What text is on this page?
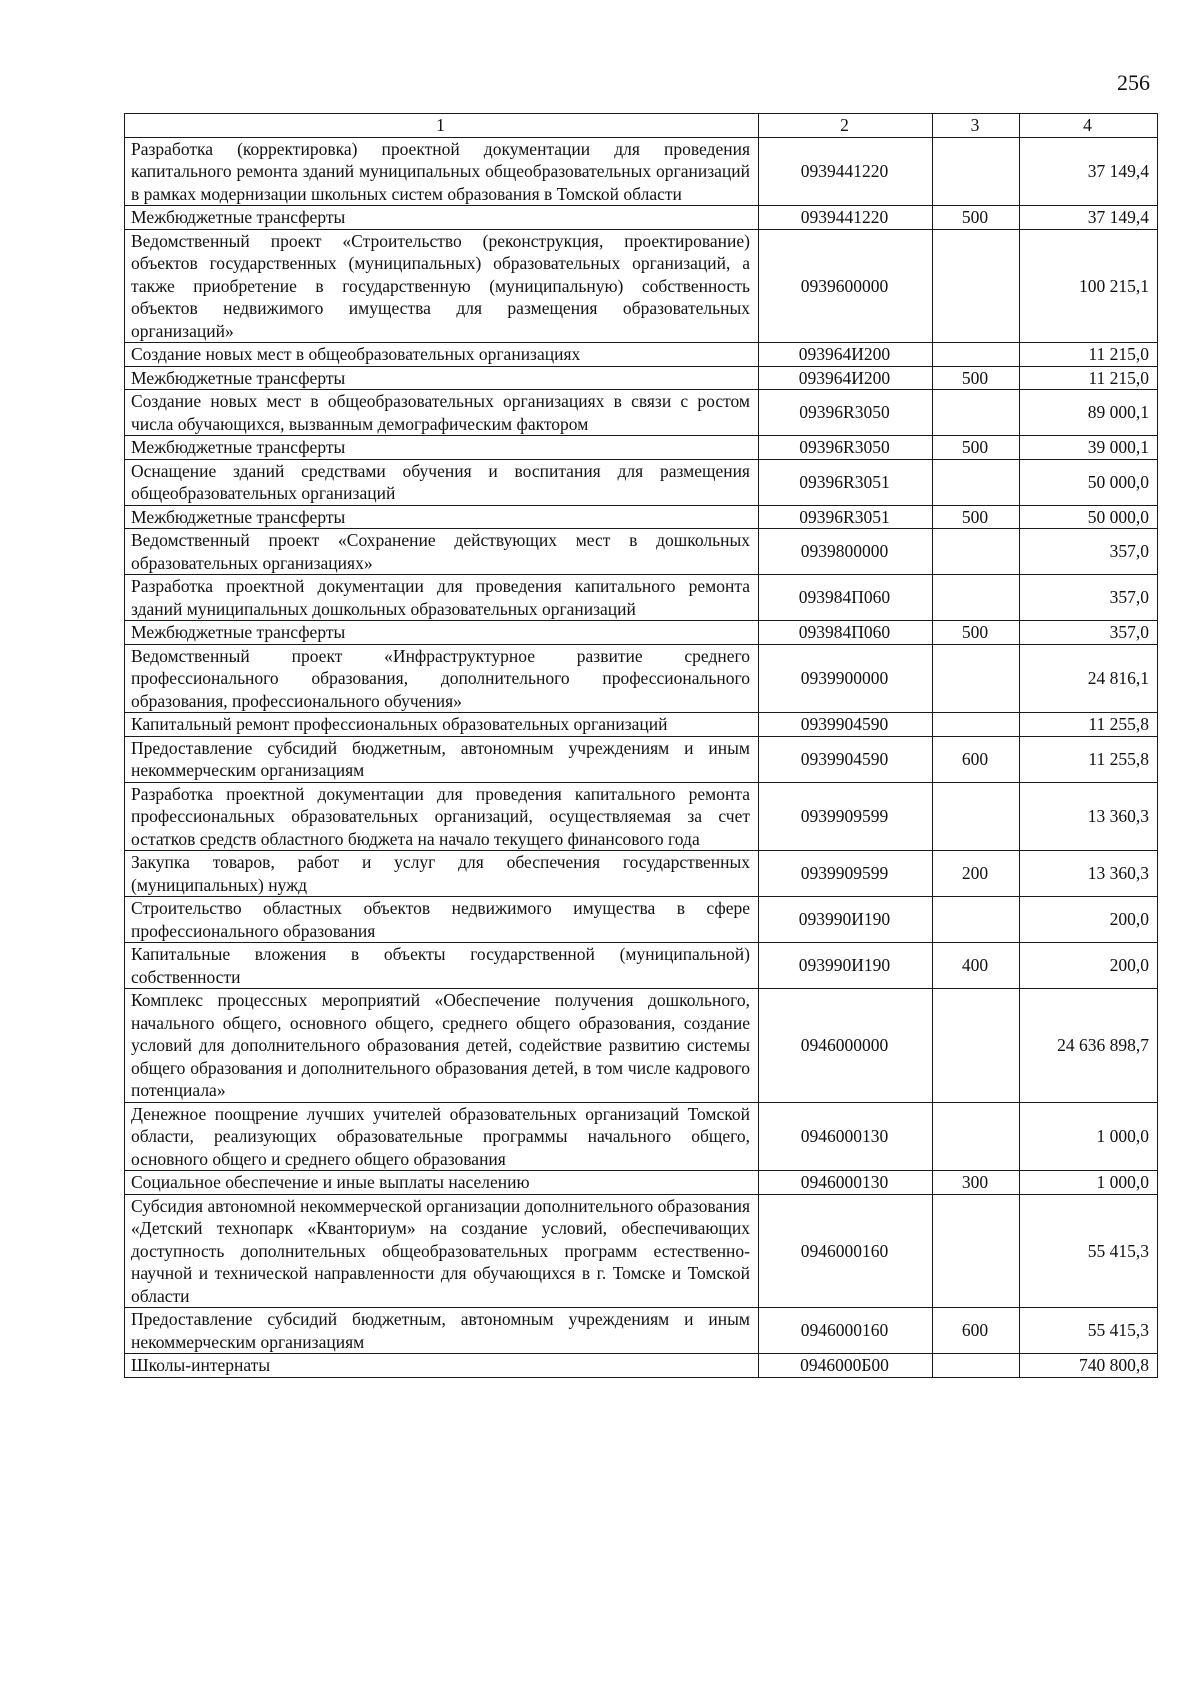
256
1	2	3	4
Разработка (корректировка) проектной документации для проведения капитального ремонта зданий муниципальных общеобразовательных организаций в рамках модернизации школьных систем образования в Томской области	0939441220		37 149,4
Межбюджетные трансферты	0939441220	500	37 149,4
Ведомственный проект «Строительство (реконструкция, проектирование) объектов государственных (муниципальных) образовательных организаций, а также приобретение в государственную (муниципальную) собственность объектов недвижимого имущества для размещения образовательных организаций»	0939600000		100 215,1
Создание новых мест в общеобразовательных организациях	093964И200		11 215,0
Межбюджетные трансферты	093964И200	500	11 215,0
Создание новых мест в общеобразовательных организациях в связи с ростом числа обучающихся, вызванным демографическим фактором	09396R3050		89 000,1
Межбюджетные трансферты	09396R3050	500	39 000,1
Оснащение зданий средствами обучения и воспитания для размещения общеобразовательных организаций	09396R3051		50 000,0
Межбюджетные трансферты	09396R3051	500	50 000,0
Ведомственный проект «Сохранение действующих мест в дошкольных образовательных организациях»	0939800000		357,0
Разработка проектной документации для проведения капитального ремонта зданий муниципальных дошкольных образовательных организаций	093984П060		357,0
Межбюджетные трансферты	093984П060	500	357,0
Ведомственный проект «Инфраструктурное развитие среднего профессионального образования, дополнительного профессионального образования, профессионального обучения»	0939900000		24 816,1
Капитальный ремонт профессиональных образовательных организаций	0939904590		11 255,8
Предоставление субсидий бюджетным, автономным учреждениям и иным некоммерческим организациям	0939904590	600	11 255,8
Разработка проектной документации для проведения капитального ремонта профессиональных образовательных организаций, осуществляемая за счет остатков средств областного бюджета на начало текущего финансового года	0939909599		13 360,3
Закупка товаров, работ и услуг для обеспечения государственных (муниципальных) нужд	0939909599	200	13 360,3
Строительство областных объектов недвижимого имущества в сфере профессионального образования	093990И190		200,0
Капитальные вложения в объекты государственной (муниципальной) собственности	093990И190	400	200,0
Комплекс процессных мероприятий «Обеспечение получения дошкольного, начального общего, основного общего, среднего общего образования, создание условий для дополнительного образования детей, содействие развитию системы общего образования и дополнительного образования детей, в том числе кадрового потенциала»	0946000000		24 636 898,7
Денежное поощрение лучших учителей образовательных организаций Томской области, реализующих образовательные программы начального общего, основного общего и среднего общего образования	0946000130		1 000,0
Социальное обеспечение и иные выплаты населению	0946000130	300	1 000,0
Субсидия автономной некоммерческой организации дополнительного образования «Детский технопарк «Кванториум» на создание условий, обеспечивающих доступность дополнительных общеобразовательных программ естественно-научной и технической направленности для обучающихся в г. Томске и Томской области	0946000160		55 415,3
Предоставление субсидий бюджетным, автономным учреждениям и иным некоммерческим организациям	0946000160	600	55 415,3
Школы-интернаты	0946000Б00		740 800,8
